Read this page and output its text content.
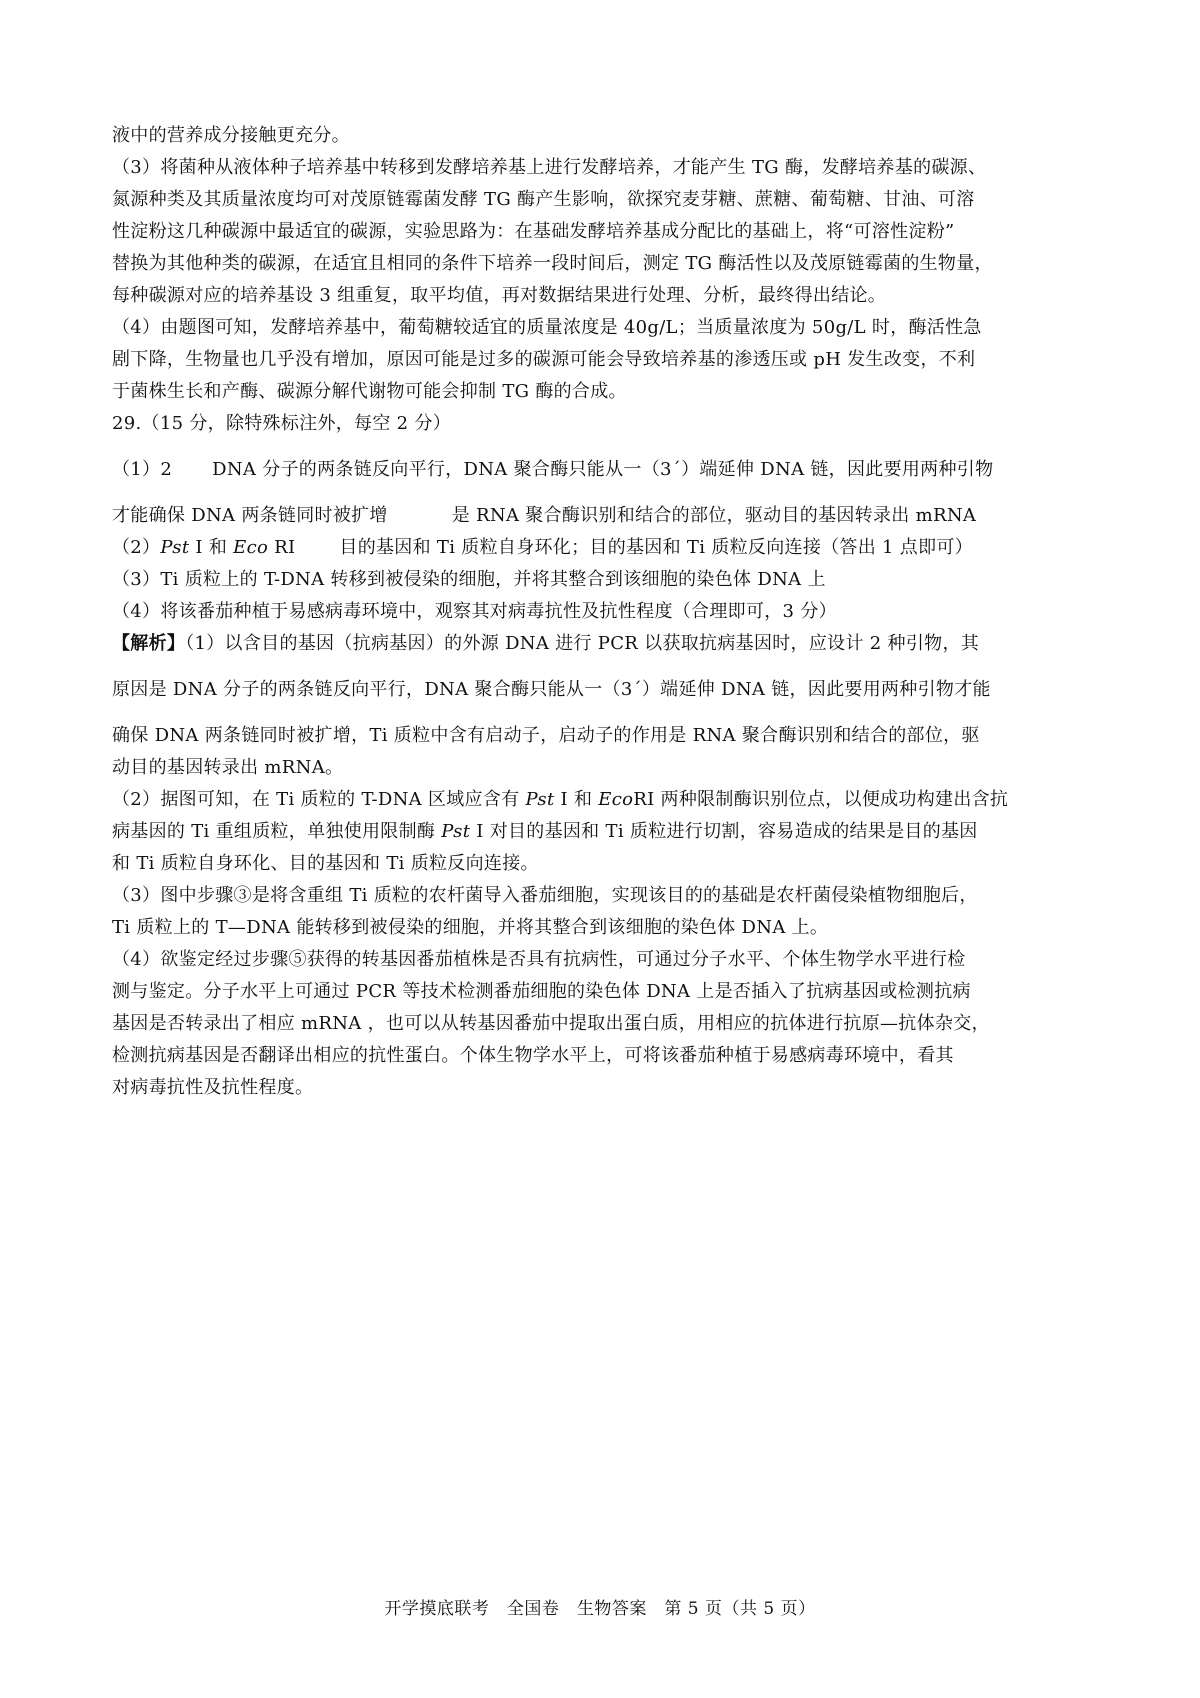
液中的营养成分接触更充分。
（3）将菌种从液体种子培养基中转移到发酵培养基上进行发酵培养，才能产生 TG 酶，发酵培养基的碳源、
氮源种类及其质量浓度均可对茂原链霉菌发酵 TG 酶产生影响，欲探究麦芽糖、蔗糖、葡萄糖、甘油、可溶
性淀粉这几种碳源中最适宜的碳源，实验思路为：在基础发酵培养基成分配比的基础上，将“可溶性淀粉”
替换为其他种类的碳源，在适宜且相同的条件下培养一段时间后，测定 TG 酶活性以及茂原链霉菌的生物量，
每种碳源对应的培养基设 3 组重复，取平均值，再对数据结果进行处理、分析，最终得出结论。
（4）由题图可知，发酵培养基中，葡萄糖较适宜的质量浓度是 40g/L；当质量浓度为 50g/L 时，酶活性急
剧下降，生物量也几乎没有增加，原因可能是过多的碳源可能会导致培养基的渗透压或 pH 发生改变，不利
于菌株生长和产酶、碳源分解代谢物可能会抑制 TG 酶的合成。
29.（15 分，除特殊标注外，每空 2 分）
（1）2 DNA 分子的两条链反向平行，DNA 聚合酶只能从一（3´）端延伸 DNA 链，因此要用两种引物
才能确保 DNA 两条链同时被扩增	是 RNA 聚合酶识别和结合的部位，驱动目的基因转录出 mRNA
（2）Pst I 和 Eco RI 目的基因和 Ti 质粒自身环化；目的基因和 Ti 质粒反向连接（答出 1 点即可）
（3）Ti 质粒上的 T-DNA 转移到被侵染的细胞，并将其整合到该细胞的染色体 DNA 上
（4）将该番茄种植于易感病毒环境中，观察其对病毒抗性及抗性程度（合理即可，3 分）
【解析】（1）以含目的基因（抗病基因）的外源 DNA 进行 PCR 以获取抗病基因时，应设计 2 种引物，其
原因是 DNA 分子的两条链反向平行，DNA 聚合酶只能从一（3´）端延伸 DNA 链，因此要用两种引物才能
确保 DNA 两条链同时被扩增，Ti 质粒中含有启动子，启动子的作用是 RNA 聚合酶识别和结合的部位，驱
动目的基因转录出 mRNA。
（2）据图可知，在 Ti 质粒的 T-DNA 区域应含有 Pst I 和 EcoRI 两种限制酶识别位点，以便成功构建出含抗
病基因的 Ti 重组质粒，单独使用限制酶 Pst I 对目的基因和 Ti 质粒进行切割，容易造成的结果是目的基因
和 Ti 质粒自身环化、目的基因和 Ti 质粒反向连接。
（3）图中步骤③是将含重组 Ti 质粒的农杆菌导入番茄细胞，实现该目的的基础是农杆菌侵染植物细胞后，
Ti 质粒上的 T—DNA 能转移到被侵染的细胞，并将其整合到该细胞的染色体 DNA 上。
（4）欲鉴定经过步骤⑤获得的转基因番茄植株是否具有抗病性，可通过分子水平、个体生物学水平进行检
测与鉴定。分子水平上可通过 PCR 等技术检测番茄细胞的染色体 DNA 上是否插入了抗病基因或检测抗病
基因是否转录出了相应 mRNA ，也可以从转基因番茄中提取出蛋白质，用相应的抗体进行抗原—抗体杂交，
检测抗病基因是否翻译出相应的抗性蛋白。个体生物学水平上，可将该番茄种植于易感病毒环境中，看其
对病毒抗性及抗性程度。
开学摸底联考　全国卷　生物答案　第 5 页（共 5 页）
